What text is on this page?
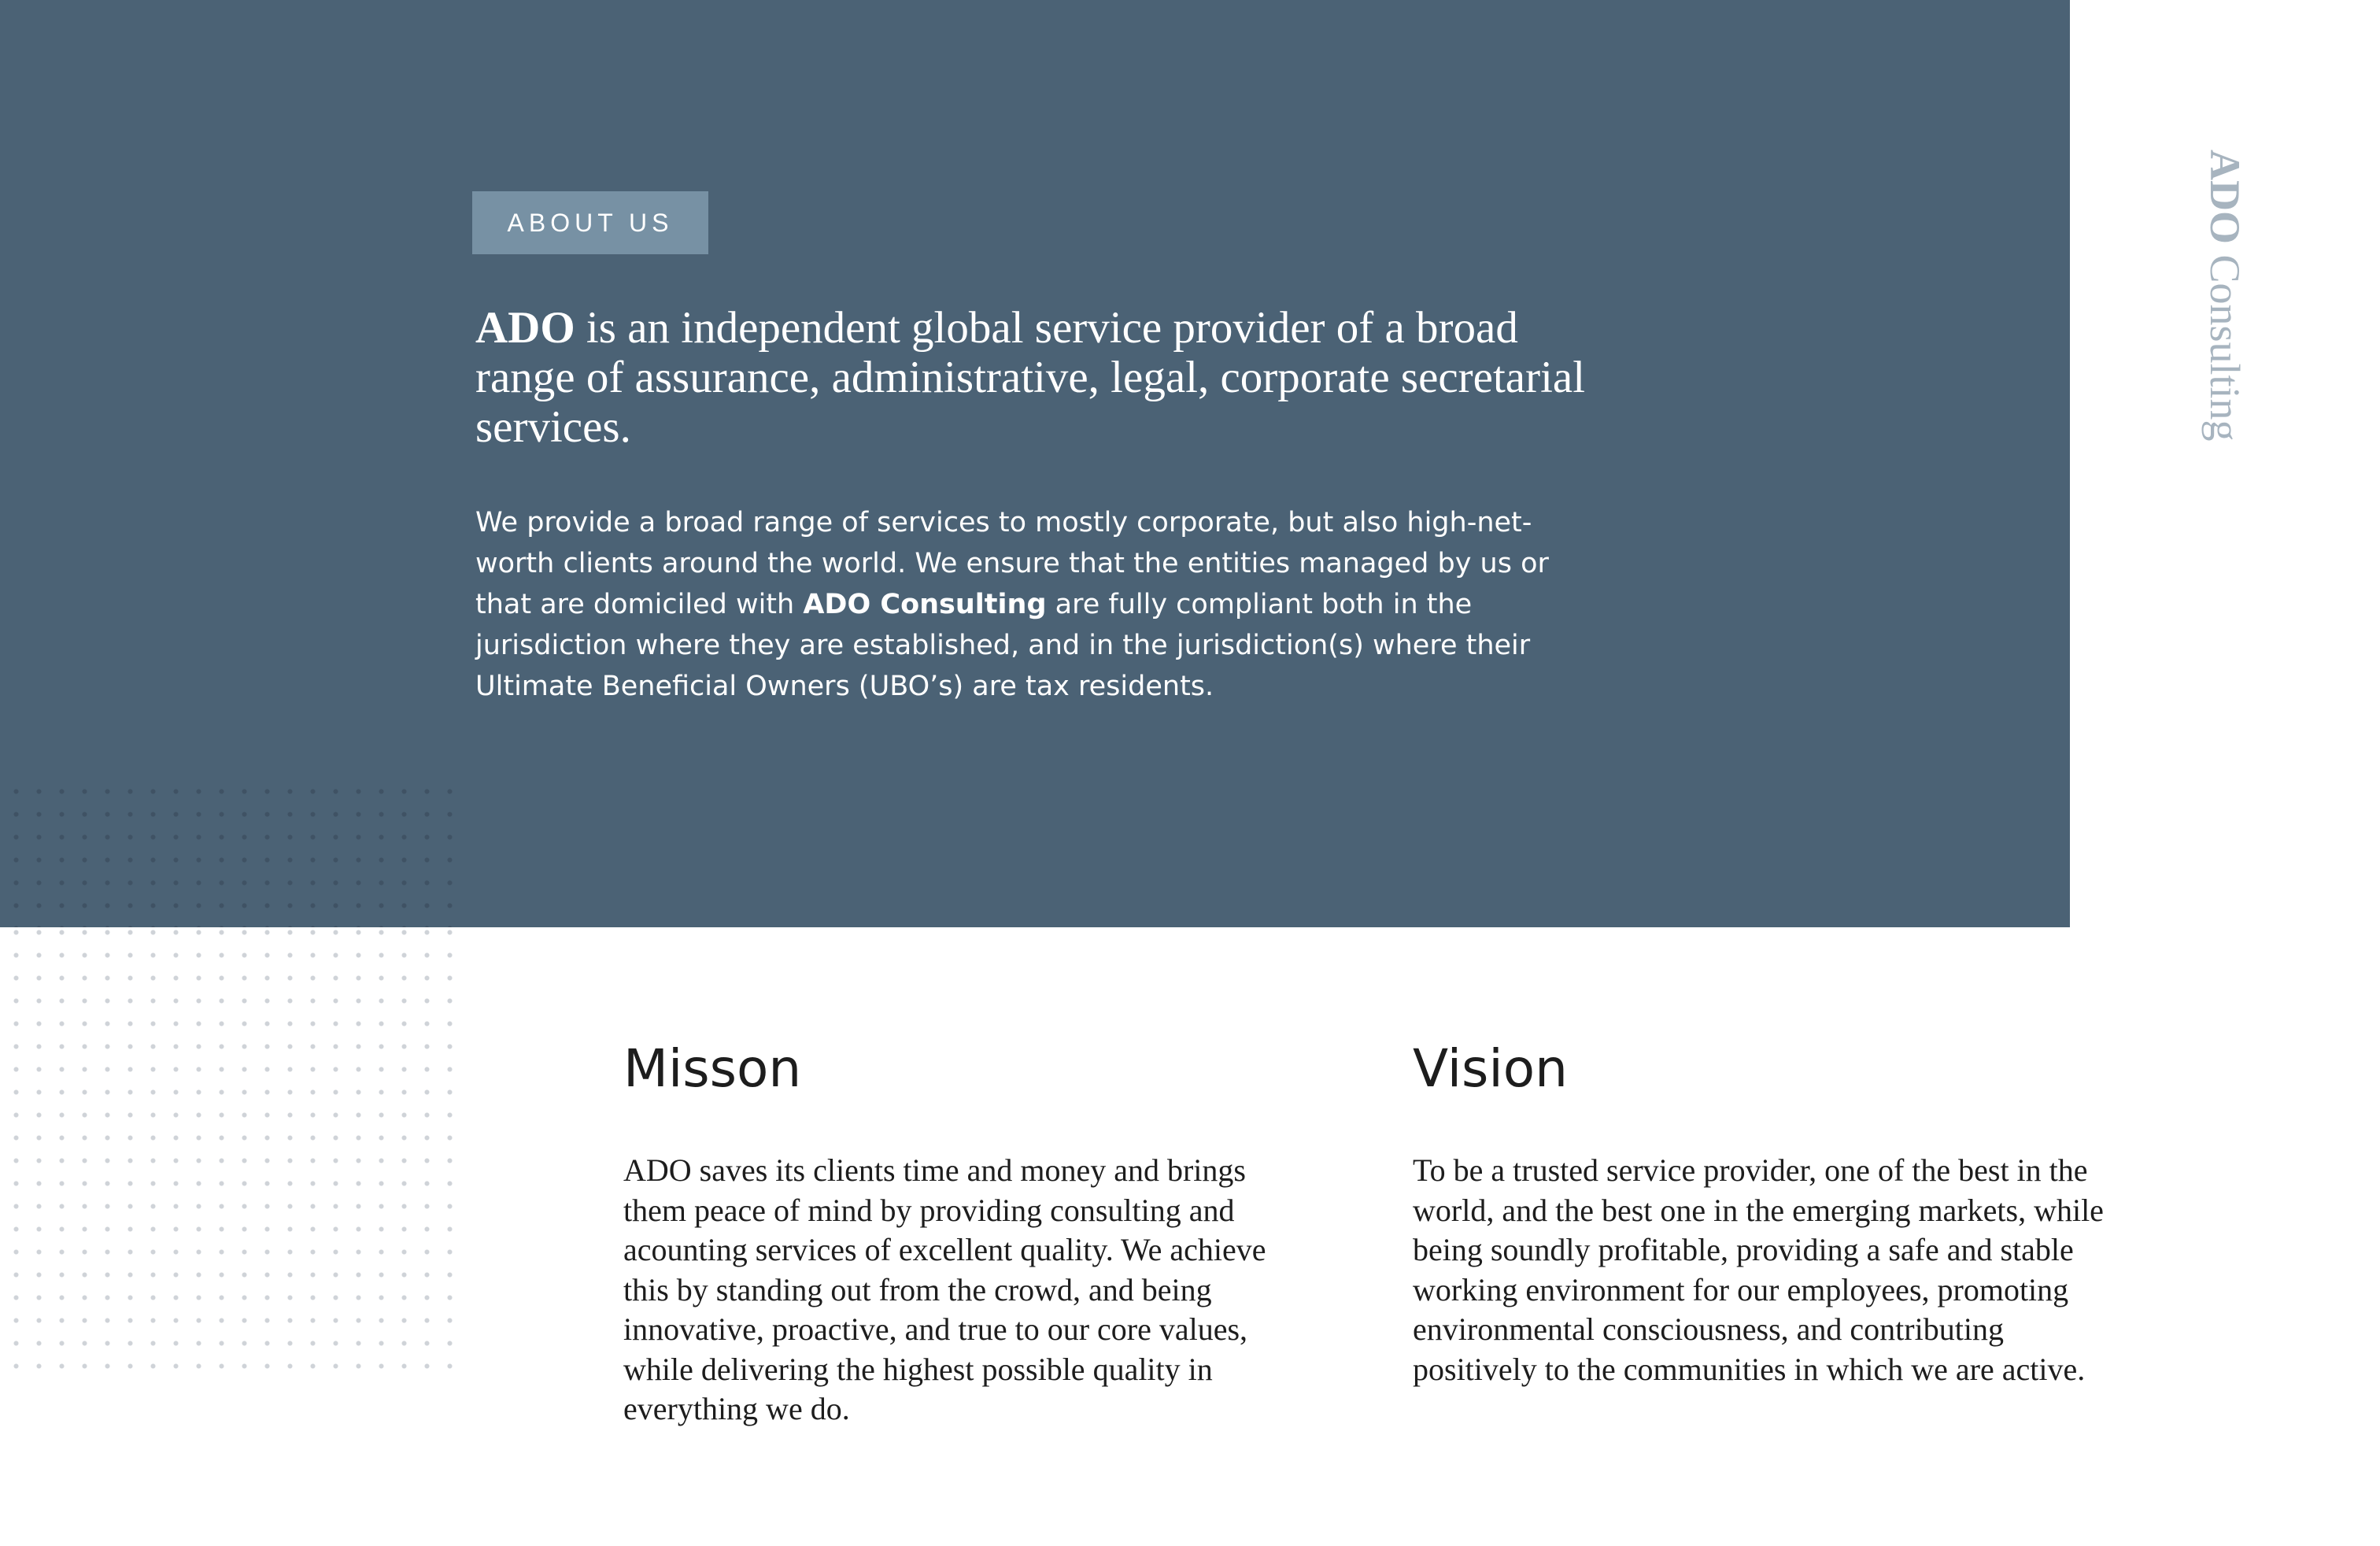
ABOUT US
ADO is an independent global service provider of a broad range of assurance, administrative, legal, corporate secretarial services.

We provide a broad range of services to mostly corporate, but also high-net-worth clients around the world. We ensure that the entities managed by us or that are domiciled with ADO Consulting are fully compliant both in the jurisdiction where they are established, and in the jurisdiction(s) where their Ultimate Beneficial Owners (UBO’s) are tax residents.

ADO Consulting
Misson

ADO saves its clients time and money and brings them peace of mind by providing consulting and acounting services of excellent quality. We achieve this by standing out from the crowd, and being innovative, proactive, and true to our core values, while delivering the highest possible quality in everything we do.

Vision

To be a trusted service provider, one of the best in the world, and the best one in the emerging markets, while being soundly profitable, providing a safe and stable working environment for our employees, promoting environmental consciousness, and contributing positively to the communities in which we are active.
